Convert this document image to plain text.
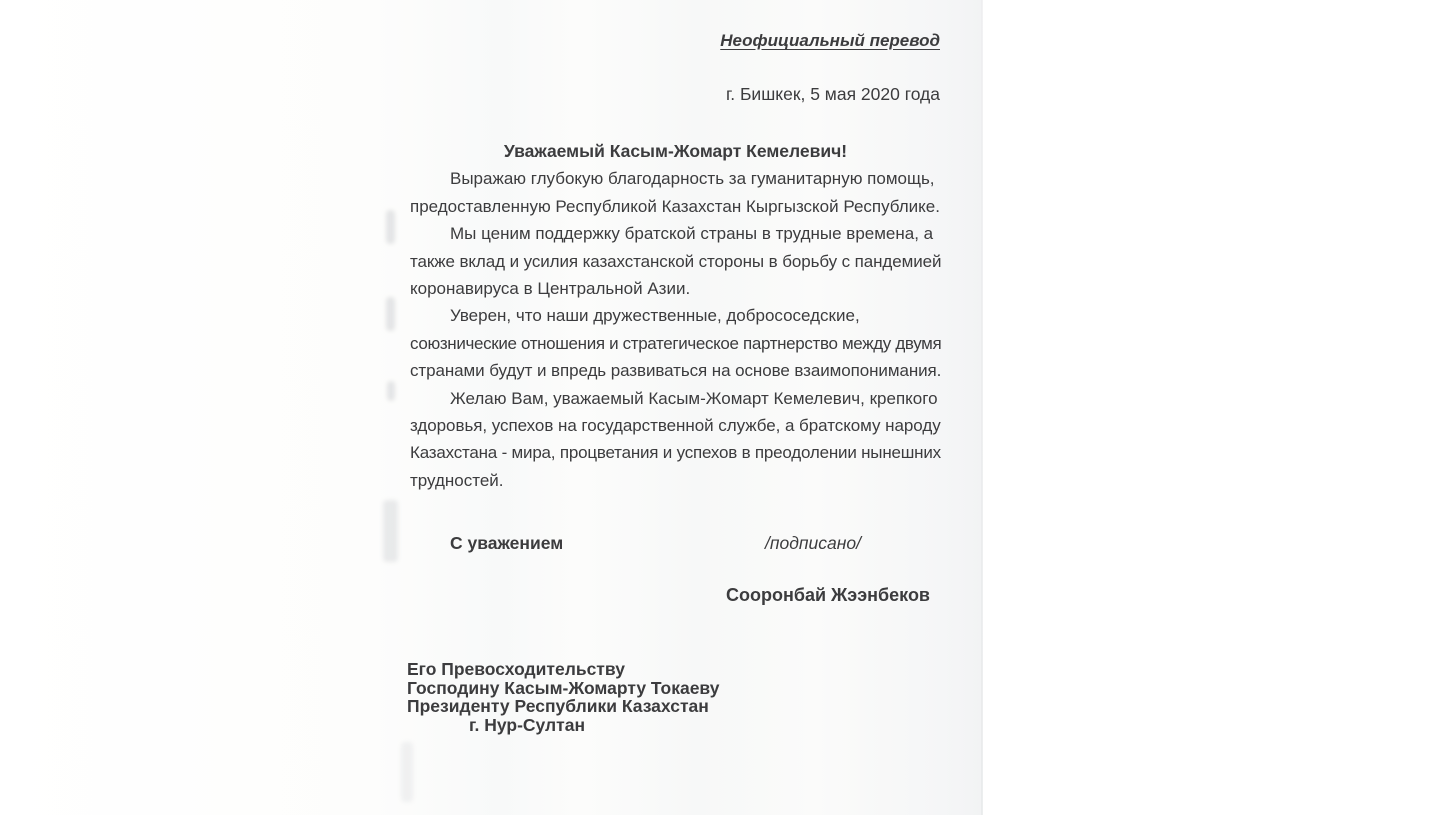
Неофициальный перевод
г. Бишкек, 5 мая 2020 года
Уважаемый Касым-Жомарт Кемелевич!
Выражаю глубокую благодарность за гуманитарную помощь,
предоставленную Республикой Казахстан Кыргызской Республике.
Мы ценим поддержку братской страны в трудные времена, а
также вклад и усилия казахстанской стороны в борьбу с пандемией
коронавируса в Центральной Азии.
Уверен, что наши дружественные, добрососедские,
союзнические отношения и стратегическое партнерство между двумя
странами будут и впредь развиваться на основе взаимопонимания.
Желаю Вам, уважаемый Касым-Жомарт Кемелевич, крепкого
здоровья, успехов на государственной службе, а братскому народу
Казахстана - мира, процветания и успехов в преодолении нынешних
трудностей.
С уважением	/подписано/
Сооронбай Жээнбеков
Его Превосходительству
Господину Касым-Жомарту Токаеву
Президенту Республики Казахстан
г. Нур-Султан
